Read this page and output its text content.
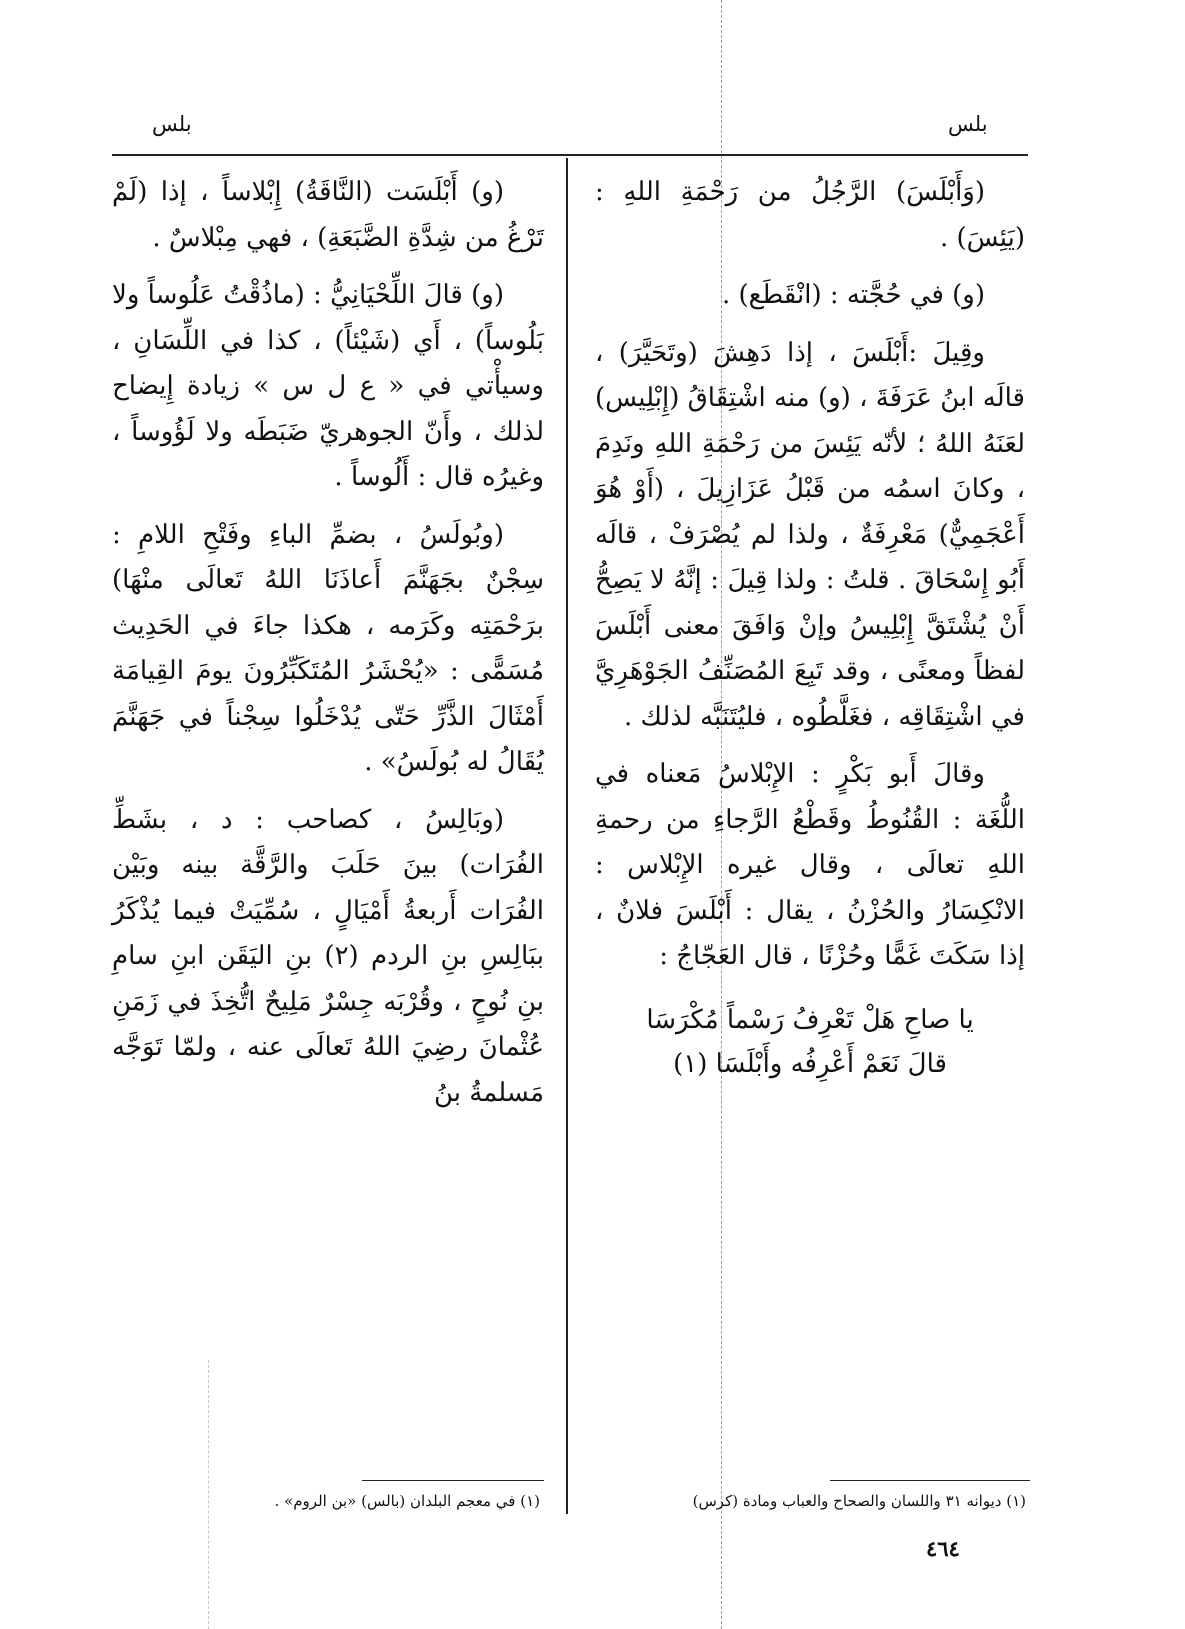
بلس	بلس

(وَأَبْلَسَ) الرَّجُلُ من رَحْمَةِ اللهِ : (يَئِسَ) .

(و) في حُجَّته : (انْقَطَع) .

وقِيلَ :أَبْلَسَ ، إذا دَهِشَ (وتَحَيَّرَ) ، قالَه ابنُ عَرَفَةَ ، (و) منه اشْتِقَاقُ (إِبْلِيس) لعَنَهُ اللهُ ؛ لأنّه يَئِسَ من رَحْمَةِ اللهِ ونَدِمَ ، وكانَ اسمُه من قَبْلُ عَزَازِيلَ ، (أَوْ هُوَ أَعْجَمِيٌّ) مَعْرِفَةٌ ، ولذا لم يُصْرَفْ ، قالَه أَبُو إِسْحَاقَ . قلتُ : ولذا قِيلَ : إنَّهُ لا يَصِحُّ أَنْ يُشْتَقَّ إِبْلِيسُ وإنْ وَافَقَ معنى أَبْلَسَ لفظاً ومعنًى ، وقد تَبِعَ المُصَنِّفُ الجَوْهَرِيَّ في اشْتِقَاقِه ، فغَلَّطُوه ، فليُتَنَبَّه لذلك .

وقالَ أَبو بَكْرٍ : الإِبْلاسُ مَعناه في اللُّغَة : القُنُوطُ وقَطْعُ الرَّجاءِ من رحمةِ اللهِ تعالَى ، وقال غيره الإِبْلاس : الانْكِسَارُ والحُزْنُ ، يقال : أَبْلَسَ فلانٌ ، إذا سَكَتَ غَمًّا وحُزْنًا ، قال العَجّاجُ :

يا صاحِ هَلْ تَعْرِفُ رَسْماً مُكْرَسَا
قالَ نَعَمْ أَعْرِفُه وأَبْلَسَا (١)

(و) أَبْلَسَت (النَّاقَةُ) إِبْلاساً ، إذا (لَمْ تَرْغُ من شِدَّةِ الضَّبَعَةِ) ، فهي مِبْلاسٌ .

(و) قالَ اللِّحْيَانِيُّ : (ماذُقْتُ عَلُوساً ولا بَلُوساً) ، أَي (شَيْئاً) ، كذا في اللِّسَانِ ، وسيأْتي في « ع ل س » زيادة إِيضاح لذلك ، وأَنّ الجوهريّ ضَبَطَه ولا لَؤُوساً ، وغيرُه قال : أَلُوساً .

(وبُولَسُ ، بضمِّ الباءِ وفَتْحِ اللامِ : سِجْنٌ بجَهَنَّمَ أَعاذَنَا اللهُ تَعالَى منْهَا) برَحْمَتِه وكَرَمه ، هكذا جاءَ في الحَدِيث مُسَمًّى : «يُحْشَرُ المُتَكَبِّرُونَ يومَ القِيامَة أَمْثَالَ الذَّرِّ حَتّى يُدْخَلُوا سِجْناً في جَهَنَّمَ يُقَالُ له بُولَسُ» .

(وبَالِسُ ، كصاحب : د ، بشَطِّ الفُرَات) بينَ حَلَبَ والرَّقَّة بينه وبَيْن الفُرَات أَربعةُ أَمْيَالٍ ، سُمِّيَتْ فيما يُذْكَرُ ببَالِسِ بنِ الردم (٢) بنِ اليَقَن ابنِ سامِ بنِ نُوحٍ ، وقُرْبَه جِسْرٌ مَلِيحٌ اتُّخِذَ في زَمَنِ عُثْمانَ رضِيَ اللهُ تَعالَى عنه ، ولمّا تَوَجَّه مَسلمةُ بنُ

(١) ديوانه ٣١ واللسان والصحاح والعباب ومادة (كرس)
(١) في معجم البلدان (بالس) «بن الروم» .
٤٦٤
